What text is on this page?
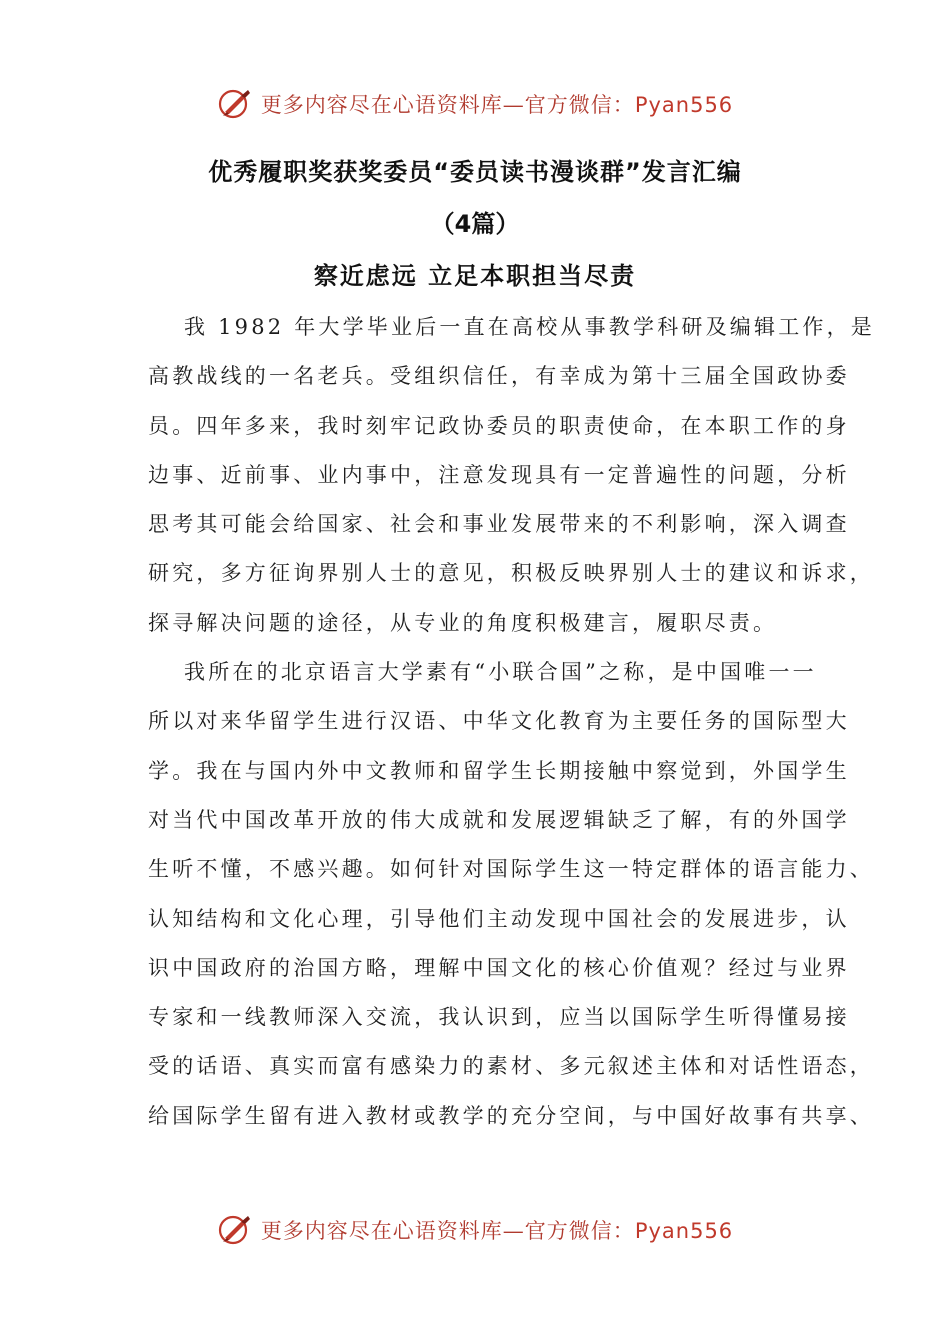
更多内容尽在心语资料库—官方微信：Pyan556
优秀履职奖获奖委员“委员读书漫谈群”发言汇编
（4篇）
察近虑远 立足本职担当尽责
我 1982 年大学毕业后一直在高校从事教学科研及编辑工作，是
高教战线的一名老兵。受组织信任，有幸成为第十三届全国政协委
员。四年多来，我时刻牢记政协委员的职责使命，在本职工作的身
边事、近前事、业内事中，注意发现具有一定普遍性的问题，分析
思考其可能会给国家、社会和事业发展带来的不利影响，深入调查
研究，多方征询界别人士的意见，积极反映界别人士的建议和诉求，
探寻解决问题的途径，从专业的角度积极建言，履职尽责。
我所在的北京语言大学素有“小联合国”之称，是中国唯一一
所以对来华留学生进行汉语、中华文化教育为主要任务的国际型大
学。我在与国内外中文教师和留学生长期接触中察觉到，外国学生
对当代中国改革开放的伟大成就和发展逻辑缺乏了解，有的外国学
生听不懂，不感兴趣。如何针对国际学生这一特定群体的语言能力、
认知结构和文化心理，引导他们主动发现中国社会的发展进步，认
识中国政府的治国方略，理解中国文化的核心价值观？经过与业界
专家和一线教师深入交流，我认识到，应当以国际学生听得懂易接
受的话语、真实而富有感染力的素材、多元叙述主体和对话性语态，
给国际学生留有进入教材或教学的充分空间，与中国好故事有共享、
更多内容尽在心语资料库—官方微信：Pyan556
